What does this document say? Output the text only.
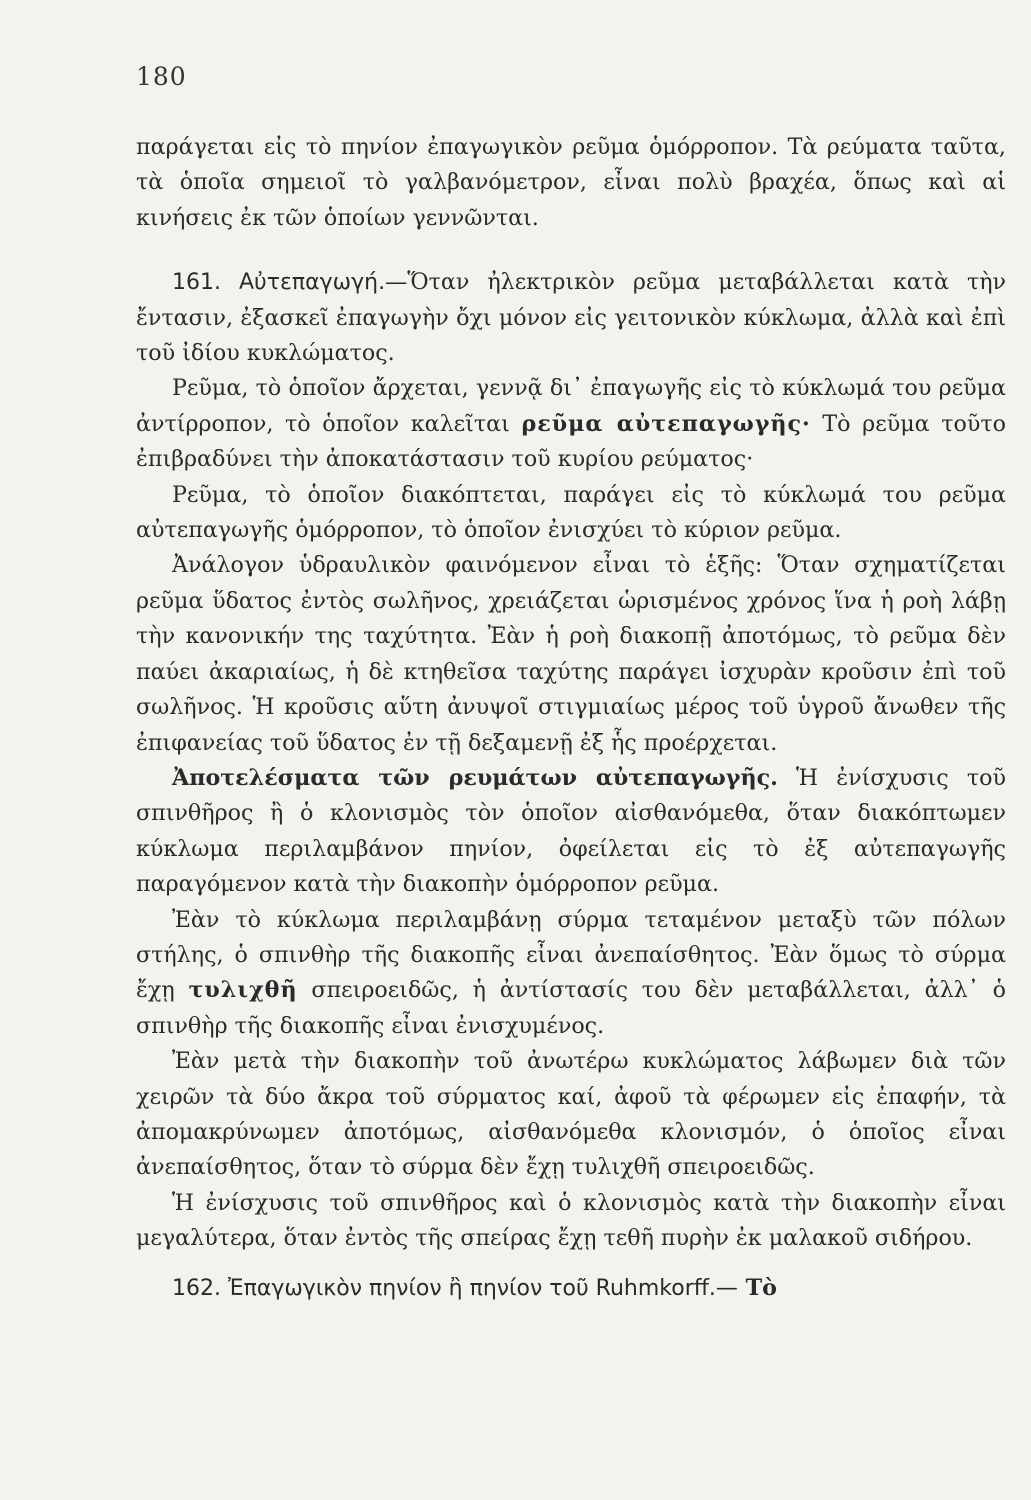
180

παράγεται εἰς τὸ πηνίον ἐπαγωγικὸν ρεῦμα ὁμόρροπον. Τὰ ρεύματα ταῦτα, τὰ ὁποῖα σημειοῖ τὸ γαλβανόμετρον, εἶναι πολὺ βραχέα, ὅπως καὶ αἱ κινήσεις ἐκ τῶν ὁποίων γεννῶνται.

161. Αὐτεπαγωγή.—Ὅταν ἠλεκτρικὸν ρεῦμα μεταβάλλεται κατὰ τὴν ἔντασιν, ἐξασκεῖ ἐπαγωγὴν ὄχι μόνον εἰς γειτονικὸν κύκλωμα, ἀλλὰ καὶ ἐπὶ τοῦ ἰδίου κυκλώματος.

Ρεῦμα, τὸ ὁποῖον ἄρχεται, γεννᾷ δι᾿ ἐπαγωγῆς εἰς τὸ κύκλωμά του ρεῦμα ἀντίρροπον, τὸ ὁποῖον καλεῖται ρεῦμα αὐτεπαγωγῆς· Τὸ ρεῦμα τοῦτο ἐπιβραδύνει τὴν ἀποκατάστασιν τοῦ κυρίου ρεύματος·

Ρεῦμα, τὸ ὁποῖον διακόπτεται, παράγει εἰς τὸ κύκλωμά του ρεῦμα αὐτεπαγωγῆς ὁμόρροπον, τὸ ὁποῖον ἐνισχύει τὸ κύριον ρεῦμα.

Ἀνάλογον ὑδραυλικὸν φαινόμενον εἶναι τὸ ἑξῆς: Ὅταν σχηματίζεται ρεῦμα ὕδατος ἐντὸς σωλῆνος, χρειάζεται ὡρισμένος χρόνος ἵνα ἡ ροὴ λάβῃ τὴν κανονικήν της ταχύτητα. Ἐὰν ἡ ροὴ διακοπῇ ἀποτόμως, τὸ ρεῦμα δὲν παύει ἀκαριαίως, ἡ δὲ κτηθεῖσα ταχύτης παράγει ἰσχυρὰν κροῦσιν ἐπὶ τοῦ σωλῆνος. Ἡ κροῦσις αὕτη ἀνυψοῖ στιγμιαίως μέρος τοῦ ὑγροῦ ἄνωθεν τῆς ἐπιφανείας τοῦ ὕδατος ἐν τῇ δεξαμενῇ ἐξ ἧς προέρχεται.

Ἀποτελέσματα τῶν ρευμάτων αὐτεπαγωγῆς. Ἡ ἐνίσχυσις τοῦ σπινθῆρος ἢ ὁ κλονισμὸς τὸν ὁποῖον αἰσθανόμεθα, ὅταν διακόπτωμεν κύκλωμα περιλαμβάνον πηνίον, ὀφείλεται εἰς τὸ ἐξ αὐτεπαγωγῆς παραγόμενον κατὰ τὴν διακοπὴν ὁμόρροπον ρεῦμα.

Ἐὰν τὸ κύκλωμα περιλαμβάνῃ σύρμα τεταμένον μεταξὺ τῶν πόλων στήλης, ὁ σπινθὴρ τῆς διακοπῆς εἶναι ἀνεπαίσθητος. Ἐὰν ὅμως τὸ σύρμα ἔχῃ τυλιχθῆ σπειροειδῶς, ἡ ἀντίστασίς του δὲν μεταβάλλεται, ἀλλ᾿ ὁ σπινθὴρ τῆς διακοπῆς εἶναι ἐνισχυμένος.

Ἐὰν μετὰ τὴν διακοπὴν τοῦ ἀνωτέρω κυκλώματος λάβωμεν διὰ τῶν χειρῶν τὰ δύο ἄκρα τοῦ σύρματος καί, ἀφοῦ τὰ φέρωμεν εἰς ἐπαφήν, τὰ ἀπομακρύνωμεν ἀποτόμως, αἰσθανόμεθα κλονισμόν, ὁ ὁποῖος εἶναι ἀνεπαίσθητος, ὅταν τὸ σύρμα δὲν ἔχῃ τυλιχθῆ σπειροειδῶς.

Ἡ ἐνίσχυσις τοῦ σπινθῆρος καὶ ὁ κλονισμὸς κατὰ τὴν διακοπὴν εἶναι μεγαλύτερα, ὅταν ἐντὸς τῆς σπείρας ἔχῃ τεθῆ πυρὴν ἐκ μαλακοῦ σιδήρου.

162. Ἐπαγωγικὸν πηνίον ἢ πηνίον τοῦ Ruhmkorff.— Τὸ
